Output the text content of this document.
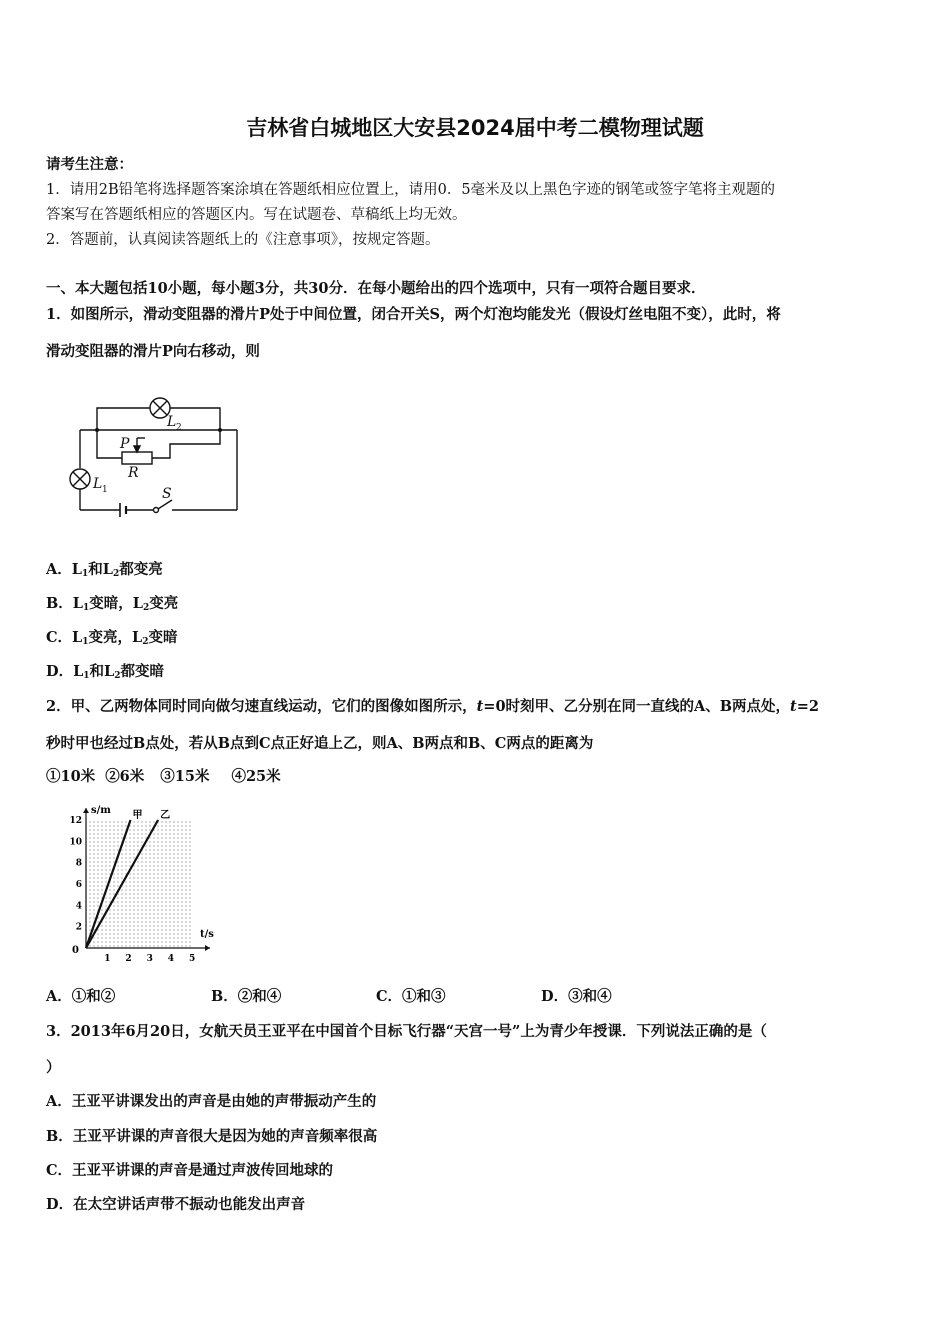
吉林省白城地区大安县2024届中考二模物理试题
请考生注意：
1．请用2B铅笔将选择题答案涂填在答题纸相应位置上，请用0．5毫米及以上黑色字迹的钢笔或签字笔将主观题的
答案写在答题纸相应的答题区内。写在试题卷、草稿纸上均无效。
2．答题前，认真阅读答题纸上的《注意事项》，按规定答题。
一、本大题包括10小题，每小题3分，共30分．在每小题给出的四个选项中，只有一项符合题目要求．
1．如图所示，滑动变阻器的滑片P处于中间位置，闭合开关S，两个灯泡均能发光（假设灯丝电阻不变），此时，将
滑动变阻器的滑片P向右移动，则
L 2
L 1
P
R
S
A．$L_1$和$L_2$都变亮
B．$L_1$变暗，$L_2$变亮
C．$L_1$变亮，$L_2$变暗
D．$L_1$和$L_2$都变暗
2．甲、乙两物体同时同向做匀速直线运动，它们的图像如图所示，t=0时刻甲、乙分别在同一直线的A、B两点处，t=2
秒时甲也经过B点处，若从B点到C点正好追上乙，则A、B两点和B、C两点的距离为
①10米 ②6米 ③15米 ④25米
s/m
t/s
0
1 2 3 4 5
2
4
6
8
10
12	甲 乙
A．①和②	B．②和④	C．①和③	D．③和④
3．2013年6月20日，女航天员王亚平在中国首个目标飞行器“天宫一号”上为青少年授课．下列说法正确的是（
）
A．王亚平讲课发出的声音是由她的声带振动产生的
B．王亚平讲课的声音很大是因为她的声音频率很高
C．王亚平讲课的声音是通过声波传回地球的
D．在太空讲话声带不振动也能发出声音
